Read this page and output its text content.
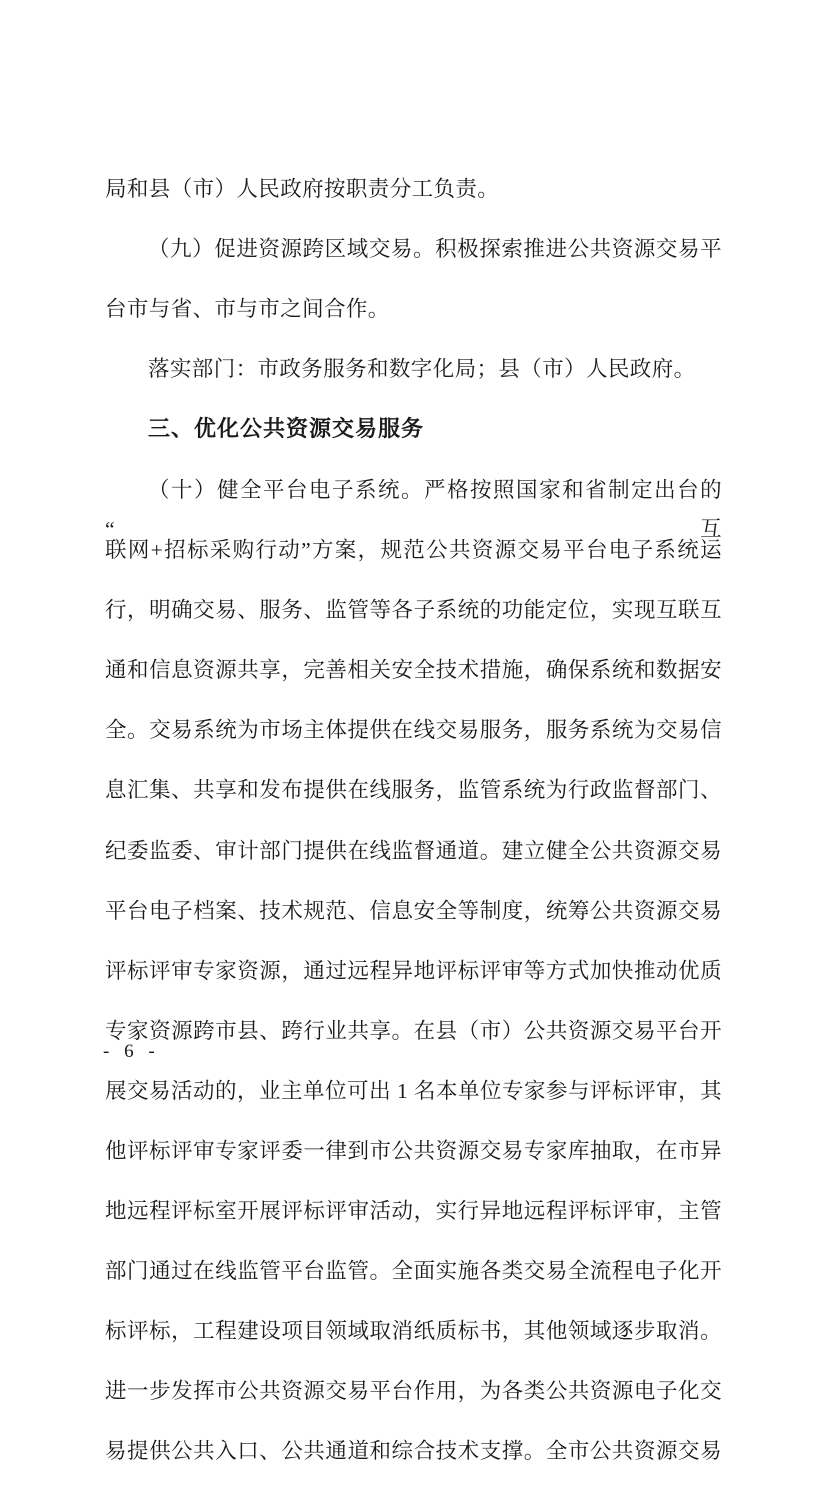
局和县（市）人民政府按职责分工负责。

（九）促进资源跨区域交易。积极探索推进公共资源交易平

台市与省、市与市之间合作。

落实部门：市政务服务和数字化局；县（市）人民政府。

三、优化公共资源交易服务

（十）健全平台电子系统。严格按照国家和省制定出台的“互

联网+招标采购行动”方案，规范公共资源交易平台电子系统运

行，明确交易、服务、监管等各子系统的功能定位，实现互联互

通和信息资源共享，完善相关安全技术措施，确保系统和数据安

全。交易系统为市场主体提供在线交易服务，服务系统为交易信

息汇集、共享和发布提供在线服务，监管系统为行政监督部门、

纪委监委、审计部门提供在线监督通道。建立健全公共资源交易

平台电子档案、技术规范、信息安全等制度，统筹公共资源交易

评标评审专家资源，通过远程异地评标评审等方式加快推动优质

专家资源跨市县、跨行业共享。在县（市）公共资源交易平台开

展交易活动的，业主单位可出 1 名本单位专家参与评标评审，其

他评标评审专家评委一律到市公共资源交易专家库抽取，在市异

地远程评标室开展评标评审活动，实行异地远程评标评审，主管

部门通过在线监管平台监管。全面实施各类交易全流程电子化开

标评标，工程建设项目领域取消纸质标书，其他领域逐步取消。

进一步发挥市公共资源交易平台作用，为各类公共资源电子化交

易提供公共入口、公共通道和综合技术支撑。全市公共资源交易

- 6 -
